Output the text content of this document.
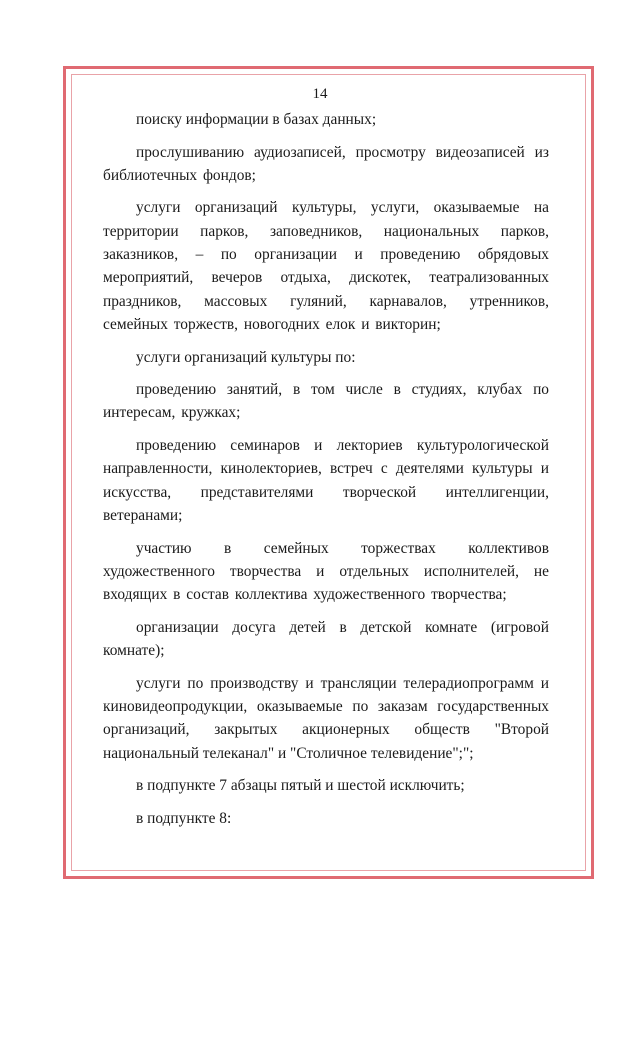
14

поиску информации в базах данных;

прослушиванию аудиозаписей, просмотру видеозаписей из библиотечных фондов;

услуги организаций культуры, услуги, оказываемые на территории парков, заповедников, национальных парков, заказников, – по организации и проведению обрядовых мероприятий, вечеров отдыха, дискотек, театрализованных праздников, массовых гуляний, карнавалов, утренников, семейных торжеств, новогодних елок и викторин;

услуги организаций культуры по:

проведению занятий, в том числе в студиях, клубах по интересам, кружках;

проведению семинаров и лекториев культурологической направленности, кинолекториев, встреч с деятелями культуры и искусства, представителями творческой интеллигенции, ветеранами;

участию в семейных торжествах коллективов художественного творчества и отдельных исполнителей, не входящих в состав коллектива художественного творчества;

организации досуга детей в детской комнате (игровой комнате);

услуги по производству и трансляции телерадиопрограмм и киновидеопродукции, оказываемые по заказам государственных организаций, закрытых акционерных обществ "Второй национальный телеканал" и "Столичное телевидение";";

в подпункте 7 абзацы пятый и шестой исключить;

в подпункте 8:
